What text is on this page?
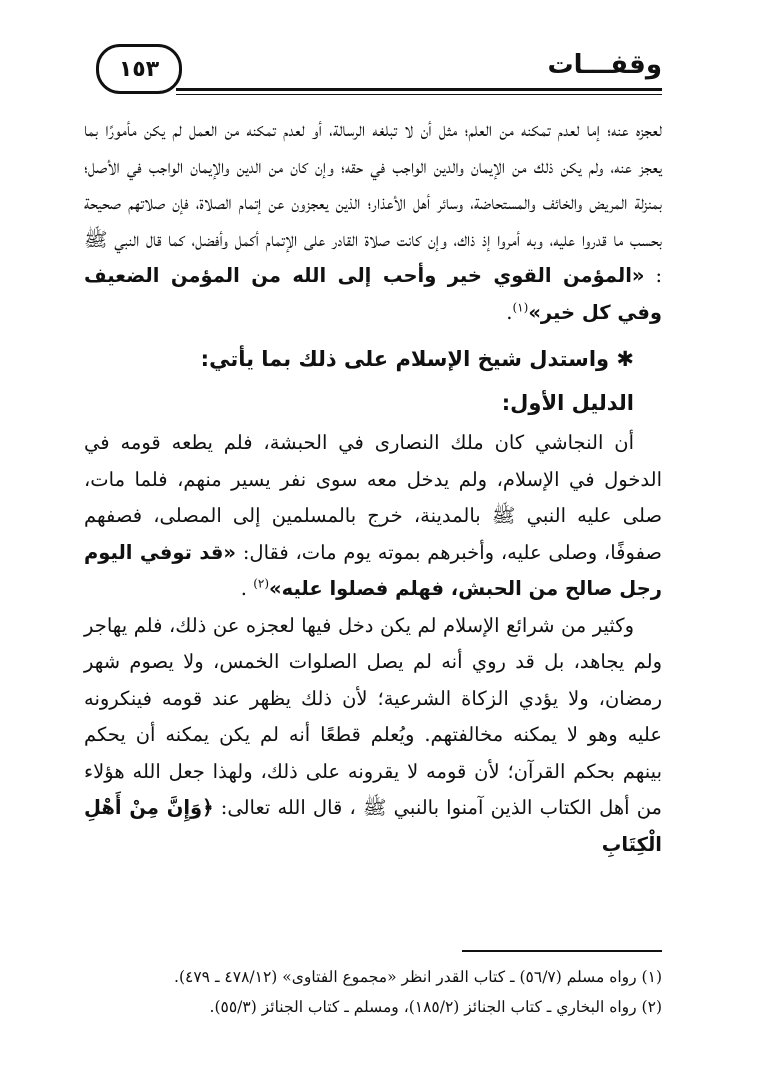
وقفـــات
١٥٣

لعجزه عنه؛ إما لعدم تمكنه من العلم؛ مثل أن لا تبلغه الرسالة، أو لعدم تمكنه من العمل لم يكن مأمورًا بما يعجز عنه، ولم يكن ذلك من الإيمان والدين الواجب في حقه؛ وإن كان من الدين والإيمان الواجب في الأصل؛ بمنزلة المريض والخائف والمستحاضة، وسائر أهل الأعذار؛ الذين يعجزون عن إتمام الصلاة، فإن صلاتهم صحيحة بحسب ما قدروا عليه، وبه أمروا إذ ذاك، وإن كانت صلاة القادر على الإتمام أكمل وأفضل، كما قال النبي ﷺ : «المؤمن القوي خير وأحب إلى الله من المؤمن الضعيف وفي كل خير»$^{(١)}$.

✱ واستدل شيخ الإسلام على ذلك بما يأتي:

الدليل الأول:

أن النجاشي كان ملك النصارى في الحبشة، فلم يطعه قومه في الدخول في الإسلام، ولم يدخل معه سوى نفر يسير منهم، فلما مات، صلى عليه النبي ﷺ بالمدينة، خرج بالمسلمين إلى المصلى، فصفهم صفوفًا، وصلى عليه، وأخبرهم بموته يوم مات، فقال: «قد توفي اليوم رجل صالح من الحبش، فهلم فصلوا عليه»$^{(٢)}$ .

وكثير من شرائع الإسلام لم يكن دخل فيها لعجزه عن ذلك، فلم يهاجر ولم يجاهد، بل قد روي أنه لم يصل الصلوات الخمس، ولا يصوم شهر رمضان، ولا يؤدي الزكاة الشرعية؛ لأن ذلك يظهر عند قومه فينكرونه عليه وهو لا يمكنه مخالفتهم. ويُعلم قطعًا أنه لم يكن يمكنه أن يحكم بينهم بحكم القرآن؛ لأن قومه لا يقرونه على ذلك، ولهذا جعل الله هؤلاء من أهل الكتاب الذين آمنوا بالنبي ﷺ ، قال الله تعالى: ﴿وَإِنَّ مِنْ أَهْلِ الْكِتَابِ

(١) رواه مسلم (٥٦/٧) ـ كتاب القدر انظر «مجموع الفتاوى» (٤٧٨/١٢ ـ ٤٧٩).
(٢) رواه البخاري ـ كتاب الجنائز (١٨٥/٢)، ومسلم ـ كتاب الجنائز (٥٥/٣).
